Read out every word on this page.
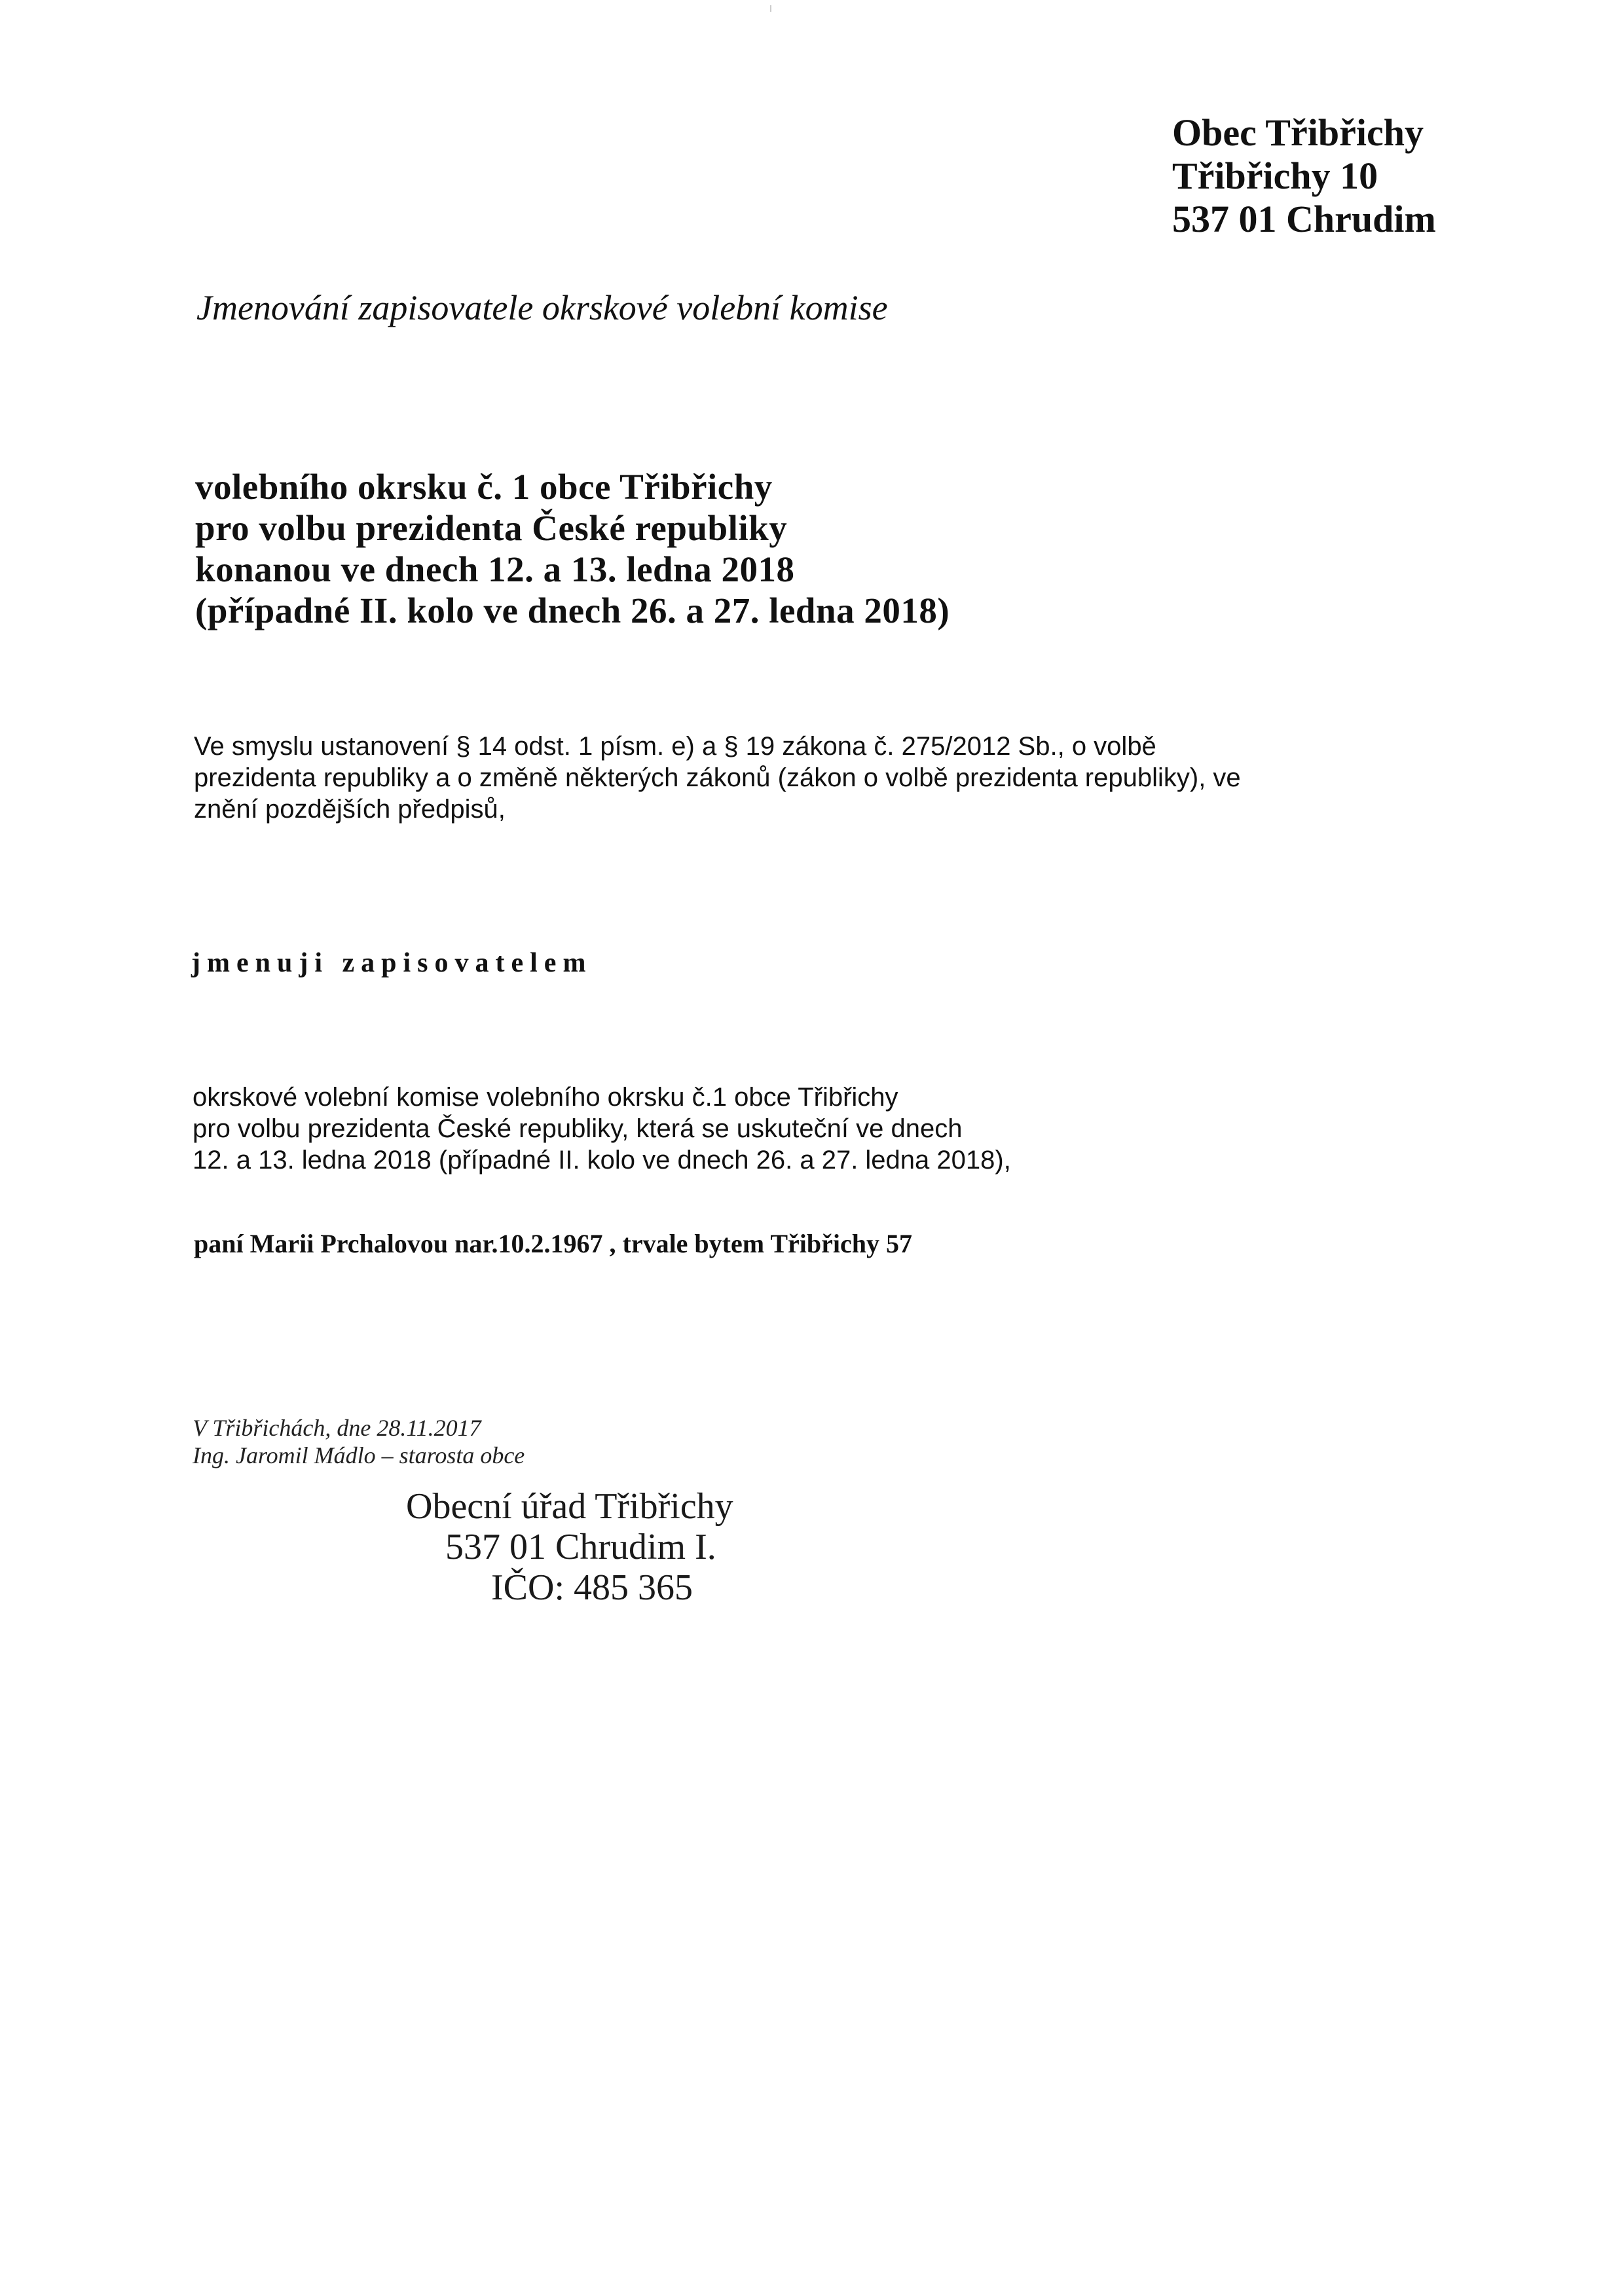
Obec Třibřichy
Třibřichy 10
537 01 Chrudim
Jmenování zapisovatele okrskové volební komise
volebního okrsku č. 1 obce Třibřichy
pro volbu prezidenta České republiky
konanou ve dnech 12. a 13. ledna 2018
(případné II. kolo ve dnech 26. a 27. ledna 2018)
Ve smyslu ustanovení § 14 odst. 1 písm. e) a § 19 zákona č. 275/2012 Sb., o volbě
prezidenta republiky a o změně některých zákonů (zákon o volbě prezidenta republiky), ve
znění pozdějších předpisů,
jmenuji zapisovatelem
okrskové volební komise volebního okrsku č.1 obce Třibřichy
pro volbu prezidenta České republiky, která se uskuteční ve dnech
12. a 13. ledna 2018 (případné II. kolo ve dnech 26. a 27. ledna 2018),
paní Marii Prchalovou nar.10.2.1967 , trvale bytem Třibřichy 57
V Třibřichách, dne 28.11.2017
Ing. Jaromil Mádlo – starosta obce
Obecní úřad Třibřichy
537 01 Chrudim I.
IČO: 485 365
